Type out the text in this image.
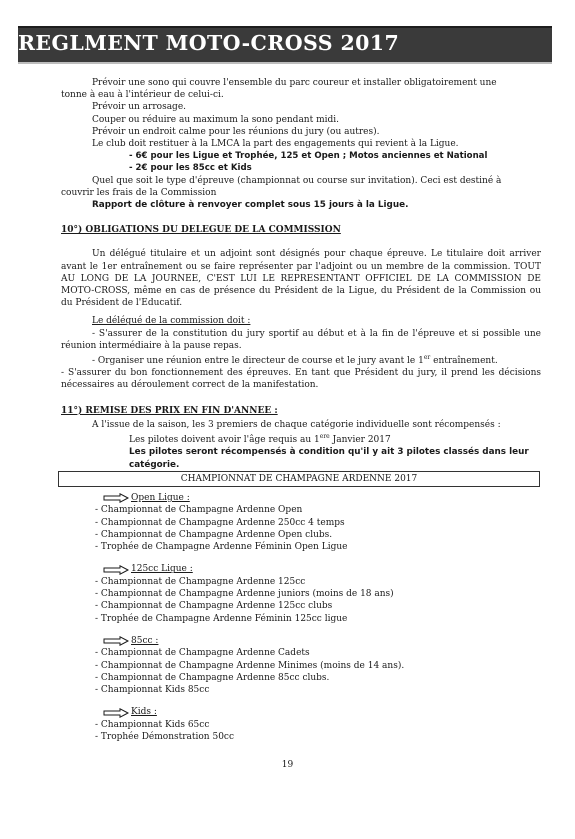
REGLMENT MOTO-CROSS 2017

Prévoir une sono qui couvre l'ensemble du parc coureur et installer obligatoirement une

tonne à eau à l'intérieur de celui-ci.

Prévoir un arrosage.

Couper ou réduire au maximum la sono pendant midi.

Prévoir un endroit calme pour les réunions du jury (ou autres).

Le club doit restituer à la LMCA la part des engagements qui revient à la Ligue.

- 6€ pour les Ligue et Trophée, 125 et Open ; Motos anciennes et National

- 2€ pour les 85cc et Kids

Quel que soit le type d'épreuve (championnat ou course sur invitation). Ceci est destiné à

couvrir les frais de la Commission

Rapport de clôture à renvoyer complet sous 15 jours à la Ligue.

10°) OBLIGATIONS DU DELEGUE DE LA COMMISSION

Un délégué titulaire et un adjoint sont désignés pour chaque épreuve. Le titulaire doit arriver avant le 1er entraînement ou se faire représenter par l'adjoint ou un membre de la commission. TOUT AU LONG DE LA JOURNEE, C'EST LUI LE REPRESENTANT OFFICIEL DE LA COMMISSION DE MOTO-CROSS, même en cas de présence du Président de la Ligue, du Président de la Commission ou du Président de l'Educatif.

Le délégué de la commission doit :

- S'assurer de la constitution du jury sportif au début et à la fin de l'épreuve et si possible une réunion intermédiaire à la pause repas.

- Organiser une réunion entre le directeur de course et le jury avant le 1er entraînement.

- S'assurer du bon fonctionnement des épreuves. En tant que Président du jury, il prend les décisions nécessaires au déroulement correct de la manifestation.

11°) REMISE DES PRIX EN FIN D'ANNEE :

A l'issue de la saison, les 3 premiers de chaque catégorie individuelle sont récompensés :

Les pilotes doivent avoir l'âge requis au 1ere Janvier 2017

Les pilotes seront récompensés à condition qu'il y ait 3 pilotes classés dans leur catégorie.

CHAMPIONNAT DE CHAMPAGNE ARDENNE 2017

Open Ligue :

- Championnat de Champagne Ardenne Open

- Championnat de Champagne Ardenne 250cc 4 temps

- Championnat de Champagne Ardenne Open clubs.

- Trophée de Champagne Ardenne Féminin Open Ligue

125cc Ligue :

- Championnat de Champagne Ardenne 125cc

- Championnat de Champagne Ardenne juniors (moins de 18 ans)

- Championnat de Champagne Ardenne 125cc clubs

- Trophée de Champagne Ardenne Féminin 125cc ligue

85cc :

- Championnat de Champagne Ardenne Cadets

- Championnat de Champagne Ardenne Minimes (moins de 14 ans).

- Championnat de Champagne Ardenne 85cc clubs.

- Championnat Kids 85cc

Kids :

- Championnat Kids 65cc

- Trophée Démonstration 50cc

19
